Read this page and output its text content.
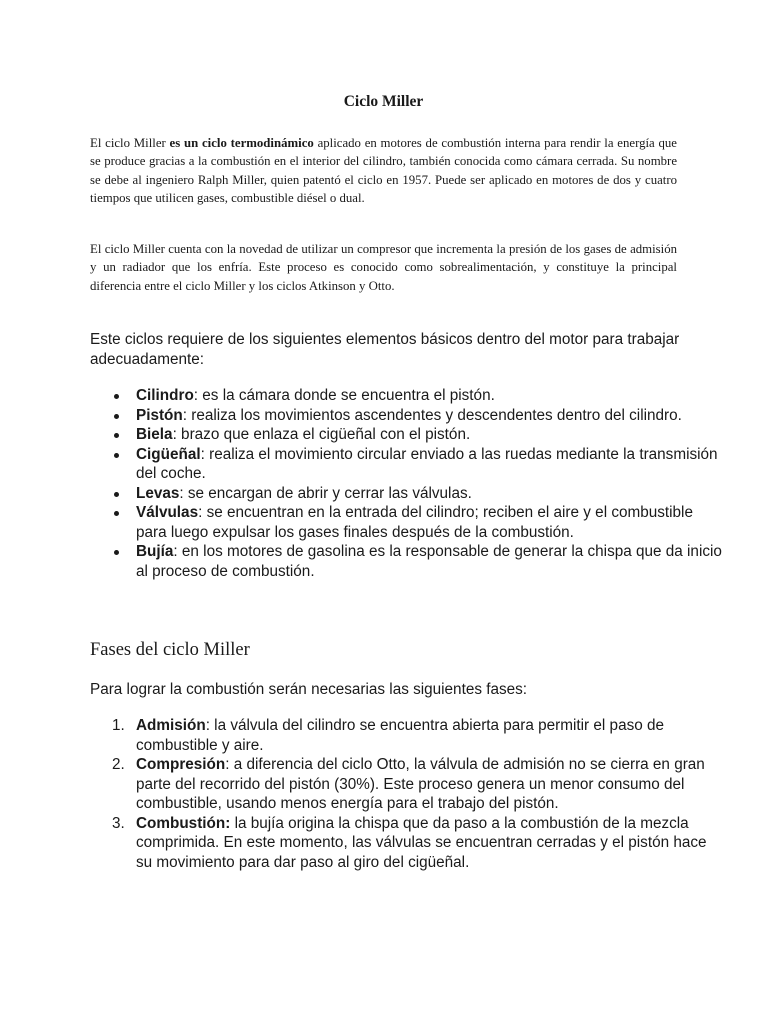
Ciclo Miller

El ciclo Miller es un ciclo termodinámico aplicado en motores de combustión interna para rendir la energía que se produce gracias a la combustión en el interior del cilindro, también conocida como cámara cerrada. Su nombre se debe al ingeniero Ralph Miller, quien patentó el ciclo en 1957. Puede ser aplicado en motores de dos y cuatro tiempos que utilicen gases, combustible diésel o dual.

El ciclo Miller cuenta con la novedad de utilizar un compresor que incrementa la presión de los gases de admisión y un radiador que los enfría. Este proceso es conocido como sobrealimentación, y constituye la principal diferencia entre el ciclo Miller y los ciclos Atkinson y Otto.

Este ciclos requiere de los siguientes elementos básicos dentro del motor para trabajar adecuadamente:

Cilindro: es la cámara donde se encuentra el pistón.
Pistón: realiza los movimientos ascendentes y descendentes dentro del cilindro.
Biela: brazo que enlaza el cigüeñal con el pistón.
Cigüeñal: realiza el movimiento circular enviado a las ruedas mediante la transmisión del coche.
Levas: se encargan de abrir y cerrar las válvulas.
Válvulas: se encuentran en la entrada del cilindro; reciben el aire y el combustible para luego expulsar los gases finales después de la combustión.
Bujía: en los motores de gasolina es la responsable de generar la chispa que da inicio al proceso de combustión.
Fases del ciclo Miller

Para lograr la combustión serán necesarias las siguientes fases:

1. Admisión: la válvula del cilindro se encuentra abierta para permitir el paso de combustible y aire.
2. Compresión: a diferencia del ciclo Otto, la válvula de admisión no se cierra en gran parte del recorrido del pistón (30%). Este proceso genera un menor consumo del combustible, usando menos energía para el trabajo del pistón.
3. Combustión: la bujía origina la chispa que da paso a la combustión de la mezcla comprimida. En este momento, las válvulas se encuentran cerradas y el pistón hace su movimiento para dar paso al giro del cigüeñal.
